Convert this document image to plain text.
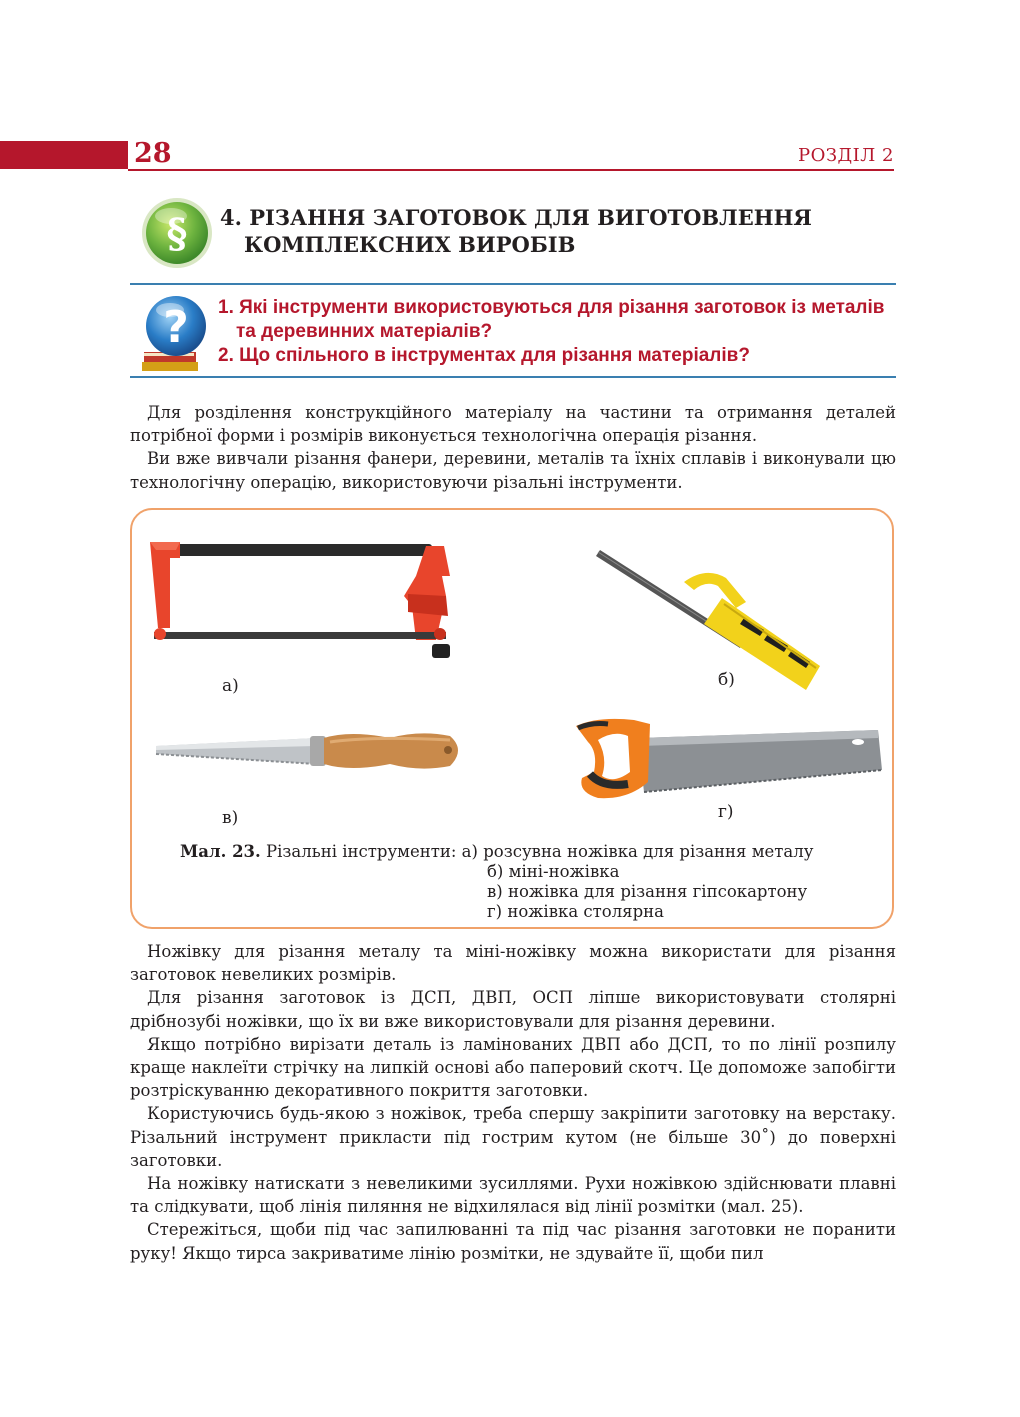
28	РОЗДІЛ 2
§ 4. РІЗАННЯ ЗАГОТОВОК ДЛЯ ВИГОТОВЛЕННЯ
КОМПЛЕКСНИХ ВИРОБІВ
? 1. Які інструменти використовуються для різання заготовок із металів
та деревинних матеріалів?
2. Що спільного в інструментах для різання матеріалів?

Для розділення конструкційного матеріалу на частини та отримання деталей потрібної форми і розмірів виконується технологічна операція різання.

Ви вже вивчали різання фанери, деревини, металів та їхніх сплавів і виконували цю технологічну операцію, використовуючи різальні інструменти.

а)	б)
в)	г)
Мал. 23. Різальні інструменти: а) розсувна ножівка для різання металу
б) міні-ножівка
в) ножівка для різання гіпсокартону
г) ножівка столярна

Ножівку для різання металу та міні-ножівку можна використати для різання заготовок невеликих розмірів.

Для різання заготовок із ДСП, ДВП, ОСП ліпше використовувати столярні дрібнозубі ножівки, що їх ви вже використовували для різання деревини.

Якщо потрібно вирізати деталь із ламінованих ДВП або ДСП, то по лінії розпилу краще наклеїти стрічку на липкій основі або паперовий скотч. Це допоможе запобігти розтріскуванню декоративного покриття заготовки.

Користуючись будь-якою з ножівок, треба спершу закріпити заготовку на верстаку. Різальний інструмент прикласти під гострим кутом (не більше 30˚) до поверхні заготовки.

На ножівку натискати з невеликими зусиллями. Рухи ножівкою здійснювати плавні та слідкувати, щоб лінія пиляння не відхилялася від лінії розмітки (мал. 25).

Стережіться, щоби під час запилюванні та під час різання заготовки не поранити руку! Якщо тирса закриватиме лінію розмітки, не здувайте її, щоби пил
